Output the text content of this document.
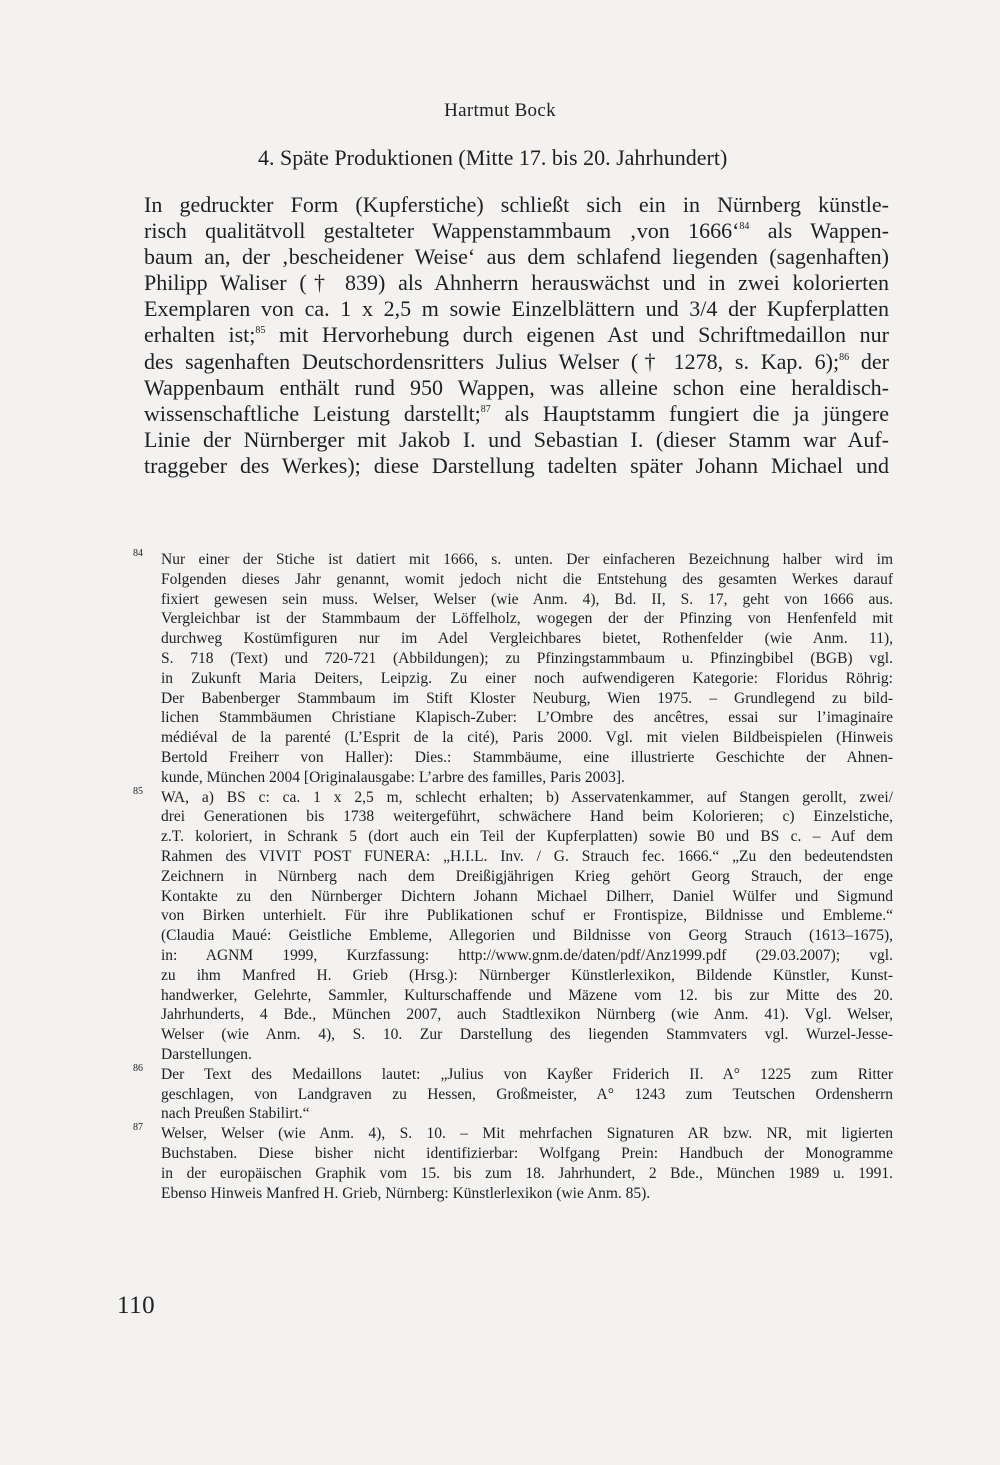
Hartmut Bock
4. Späte Produktionen (Mitte 17. bis 20. Jahrhundert)
In gedruckter Form (Kupferstiche) schließt sich ein in Nürnberg künstle-
risch qualitätvoll gestalteter Wappenstammbaum ‚von 1666‘$^{84}$ als Wappen-
baum an, der ‚bescheidener Weise‘ aus dem schlafend liegenden (sagenhaften)
Philipp Waliser († 839) als Ahnherrn herauswächst und in zwei kolorierten
Exemplaren von ca. 1 x 2,5 m sowie Einzelblättern und 3/4 der Kupferplatten
erhalten ist;$^{85}$ mit Hervorhebung durch eigenen Ast und Schriftmedaillon nur
des sagenhaften Deutschordensritters Julius Welser († 1278, s. Kap. 6);$^{86}$ der
Wappenbaum enthält rund 950 Wappen, was alleine schon eine heraldisch-
wissenschaftliche Leistung darstellt;$^{87}$ als Hauptstamm fungiert die ja jüngere
Linie der Nürnberger mit Jakob I. und Sebastian I. (dieser Stamm war Auf-
traggeber des Werkes); diese Darstellung tadelten später Johann Michael und
84 Nur einer der Stiche ist datiert mit 1666, s. unten. Der einfacheren Bezeichnung halber wird im
Folgenden dieses Jahr genannt, womit jedoch nicht die Entstehung des gesamten Werkes darauf
fixiert gewesen sein muss. Welser, Welser (wie Anm. 4), Bd. II, S. 17, geht von 1666 aus.
Vergleichbar ist der Stammbaum der Löffelholz, wogegen der der Pfinzing von Henfenfeld mit
durchweg Kostümfiguren nur im Adel Vergleichbares bietet, Rothenfelder (wie Anm. 11),
S. 718 (Text) und 720-721 (Abbildungen); zu Pfinzingstammbaum u. Pfinzingbibel (BGB) vgl.
in Zukunft Maria Deiters, Leipzig. Zu einer noch aufwendigeren Kategorie: Floridus Röhrig:
Der Babenberger Stammbaum im Stift Kloster Neuburg, Wien 1975. – Grundlegend zu bild-
lichen Stammbäumen Christiane Klapisch-Zuber: L’Ombre des ancêtres, essai sur l’imaginaire
médiéval de la parenté (L’Esprit de la cité), Paris 2000. Vgl. mit vielen Bildbeispielen (Hinweis
Bertold Freiherr von Haller): Dies.: Stammbäume, eine illustrierte Geschichte der Ahnen-
kunde, München 2004 [Originalausgabe: L’arbre des familles, Paris 2003].
85 WA, a) BS c: ca. 1 x 2,5 m, schlecht erhalten; b) Asservatenkammer, auf Stangen gerollt, zwei/
drei Generationen bis 1738 weitergeführt, schwächere Hand beim Kolorieren; c) Einzelstiche,
z.T. koloriert, in Schrank 5 (dort auch ein Teil der Kupferplatten) sowie B0 und BS c. – Auf dem
Rahmen des VIVIT POST FUNERA: „H.I.L. Inv. / G. Strauch fec. 1666.“ „Zu den bedeutendsten
Zeichnern in Nürnberg nach dem Dreißigjährigen Krieg gehört Georg Strauch, der enge
Kontakte zu den Nürnberger Dichtern Johann Michael Dilherr, Daniel Wülfer und Sigmund
von Birken unterhielt. Für ihre Publikationen schuf er Frontispize, Bildnisse und Embleme.“
(Claudia Maué: Geistliche Embleme, Allegorien und Bildnisse von Georg Strauch (1613–1675),
in: AGNM 1999, Kurzfassung: http://www.gnm.de/daten/pdf/Anz1999.pdf (29.03.2007); vgl.
zu ihm Manfred H. Grieb (Hrsg.): Nürnberger Künstlerlexikon, Bildende Künstler, Kunst-
handwerker, Gelehrte, Sammler, Kulturschaffende und Mäzene vom 12. bis zur Mitte des 20.
Jahrhunderts, 4 Bde., München 2007, auch Stadtlexikon Nürnberg (wie Anm. 41). Vgl. Welser,
Welser (wie Anm. 4), S. 10. Zur Darstellung des liegenden Stammvaters vgl. Wurzel-Jesse-
Darstellungen.
86 Der Text des Medaillons lautet: „Julius von Kayßer Friderich II. A° 1225 zum Ritter
geschlagen, von Landgraven zu Hessen, Großmeister, A° 1243 zum Teutschen Ordensherrn
nach Preußen Stabilirt.“
87 Welser, Welser (wie Anm. 4), S. 10. – Mit mehrfachen Signaturen AR bzw. NR, mit ligierten
Buchstaben. Diese bisher nicht identifizierbar: Wolfgang Prein: Handbuch der Monogramme
in der europäischen Graphik vom 15. bis zum 18. Jahrhundert, 2 Bde., München 1989 u. 1991.
Ebenso Hinweis Manfred H. Grieb, Nürnberg: Künstlerlexikon (wie Anm. 85).
110
